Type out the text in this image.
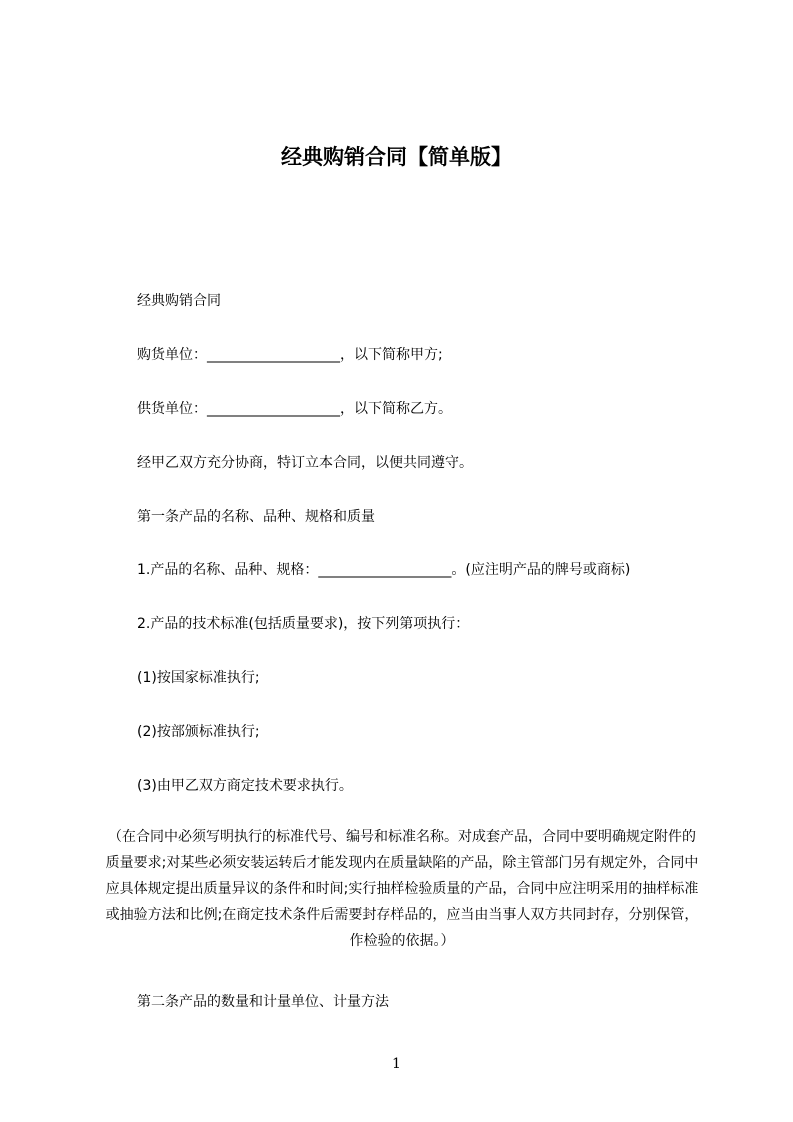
经典购销合同【简单版】

经典购销合同

购货单位：___________________，以下简称甲方;

供货单位：___________________，以下简称乙方。

经甲乙双方充分协商，特订立本合同，以便共同遵守。

第一条产品的名称、品种、规格和质量

1.产品的名称、品种、规格：___________________。(应注明产品的牌号或商标)

2.产品的技术标准(包括质量要求)，按下列第项执行：

(1)按国家标准执行;

(2)按部颁标准执行;

(3)由甲乙双方商定技术要求执行。

（在合同中必须写明执行的标准代号、编号和标准名称。对成套产品，合同中要明确规定附件的质量要求;对某些必须安装运转后才能发现内在质量缺陷的产品，除主管部门另有规定外，合同中应具体规定提出质量异议的条件和时间;实行抽样检验质量的产品，合同中应注明采用的抽样标准或抽验方法和比例;在商定技术条件后需要封存样品的，应当由当事人双方共同封存，分别保管，作检验的依据。）

第二条产品的数量和计量单位、计量方法

1
